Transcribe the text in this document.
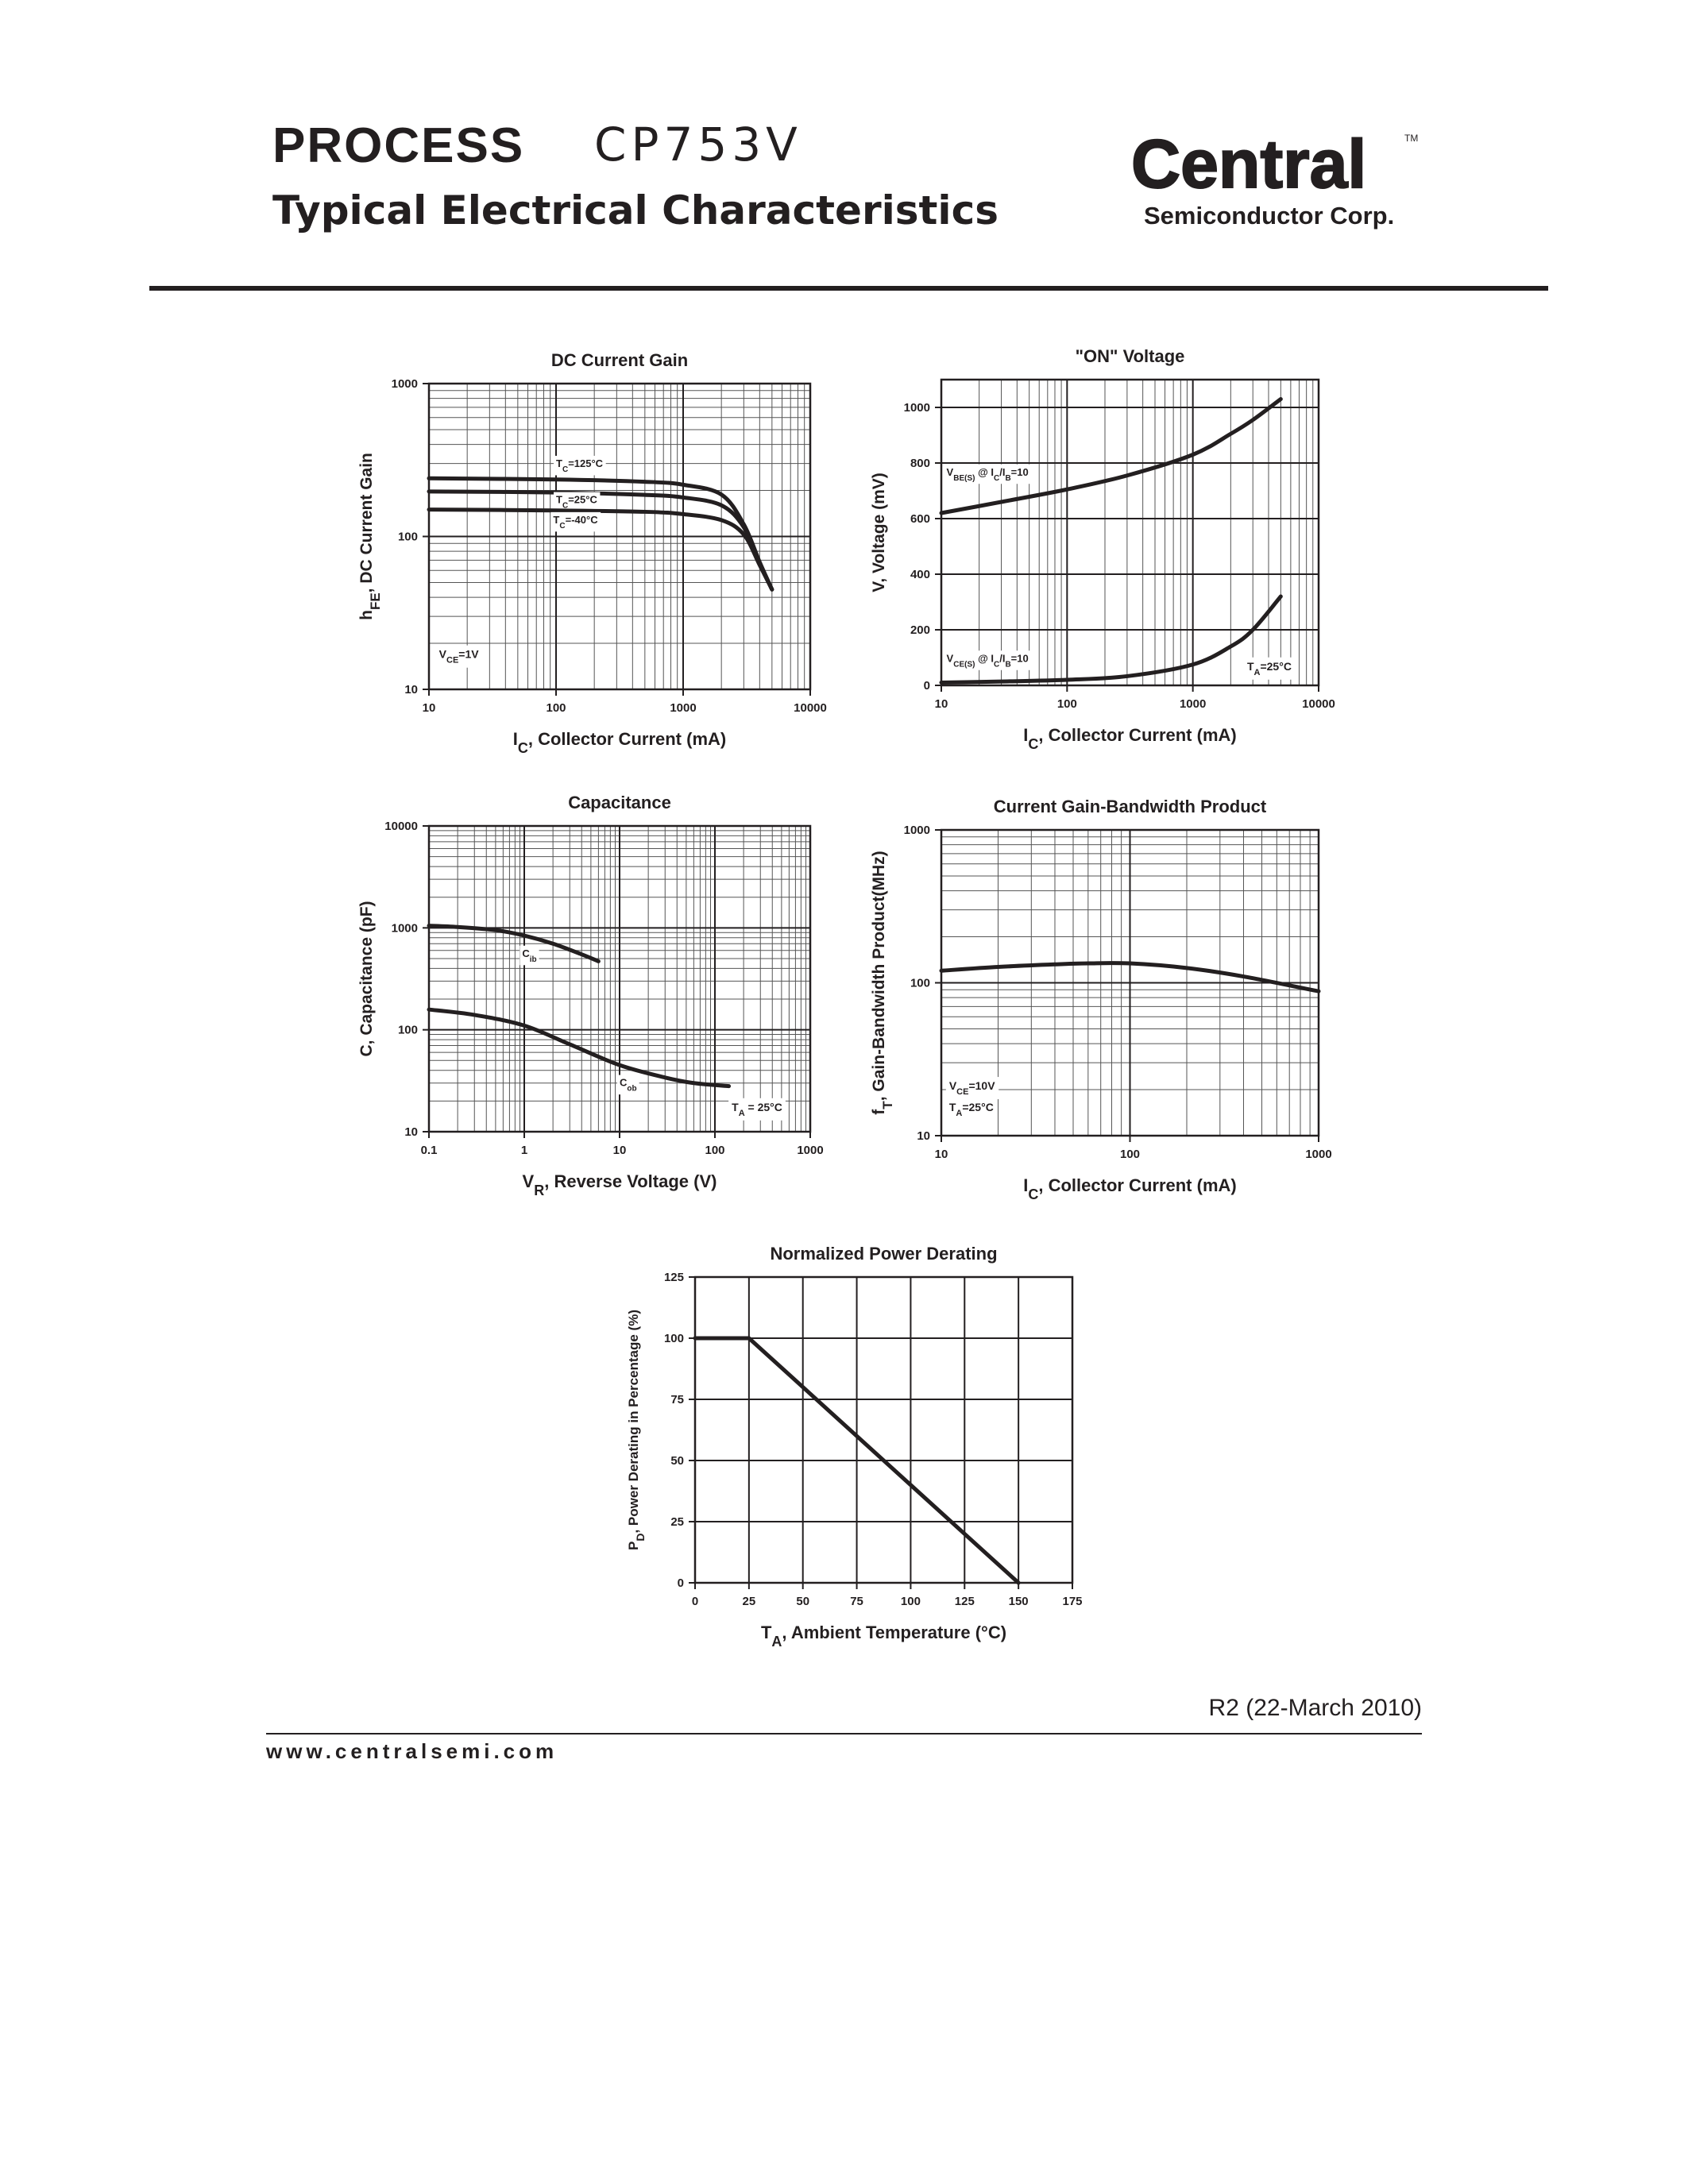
PROCESS CP753V
Typical Electrical Characteristics
Central	TM
Semiconductor Corp.
DC Current Gain
10	100	1000	10000
10
100
1000
$I_C$, Collector Current (mA)
$h_{FE}$, DC Current Gain	$T_C=125^\circ C$
$T_C=25^\circ C$
$T_C=-40^\circ C$
$V_{CE}=1V$
"ON" Voltage
10	100	1000	10000
0
200
400
600
800
1000
$I_C$, Collector Current (mA)
V, Voltage (mV)
$V_{BE(S)}$ @ $I_C/I_B=10$
$V_{CE(S)}$ @ $I_C/I_B=10$
$T_A=25^\circ C$
Capacitance
0.1	1	10	100	1000
10
100
1000
10000
$V_R$, Reverse Voltage (V)
C, Capacitance (pF)	$C_{ib}$
$C_{ob}$
$T_A = 25^\circ C$
Current Gain-Bandwidth Product
10	100	1000
10
100
1000
$I_C$, Collector Current (mA)
$f_T$, Gain-Bandwidth Product(MHz)	$V_{CE}=10V$
$T_A=25^\circ C$
Normalized Power Derating
0	25	50	75	100	125	150	175
0
25
50
75
100
125
$T_A$, Ambient Temperature (°C)
$P_D$, Power Derating in Percentage (%)
R2 (22-March 2010)
www.centralsemi.com
